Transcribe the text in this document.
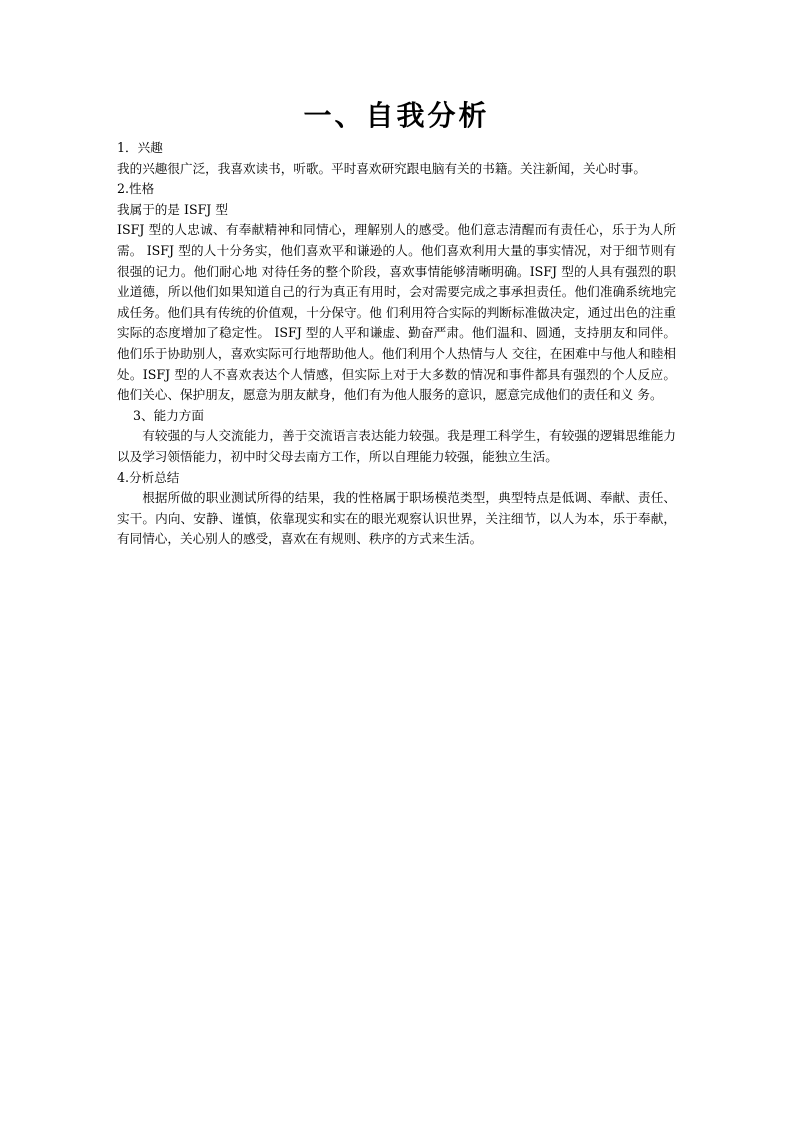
一、自我分析

1．兴趣

我的兴趣很广泛，我喜欢读书，听歌。平时喜欢研究跟电脑有关的书籍。关注新闻，关心时事。

2.性格

我属于的是 ISFJ 型

ISFJ 型的人忠诚、有奉献精神和同情心，理解别人的感受。他们意志清醒而有责任心，乐于为人所需。 ISFJ 型的人十分务实，他们喜欢平和谦逊的人。他们喜欢利用大量的事实情况，对于细节则有很强的记力。他们耐心地 对待任务的整个阶段，喜欢事情能够清晰明确。ISFJ 型的人具有强烈的职业道德，所以他们如果知道自己的行为真正有用时，会对需要完成之事承担责任。他们准确系统地完成任务。他们具有传统的价值观，十分保守。他 们利用符合实际的判断标准做决定，通过出色的注重实际的态度增加了稳定性。 ISFJ 型的人平和谦虚、勤奋严肃。他们温和、圆通，支持朋友和同伴。他们乐于协助别人，喜欢实际可行地帮助他人。他们利用个人热情与人 交往，在困难中与他人和睦相处。ISFJ 型的人不喜欢表达个人情感，但实际上对于大多数的情况和事件都具有强烈的个人反应。他们关心、保护朋友，愿意为朋友献身，他们有为他人服务的意识，愿意完成他们的责任和义 务。

3、能力方面

有较强的与人交流能力，善于交流语言表达能力较强。我是理工科学生，有较强的逻辑思维能力以及学习领悟能力，初中时父母去南方工作，所以自理能力较强，能独立生活。

4.分析总结

根据所做的职业测试所得的结果，我的性格属于职场模范类型，典型特点是低调、奉献、责任、实干。内向、安静、谨慎，依靠现实和实在的眼光观察认识世界，关注细节，以人为本，乐于奉献，有同情心，关心别人的感受，喜欢在有规则、秩序的方式来生活。
